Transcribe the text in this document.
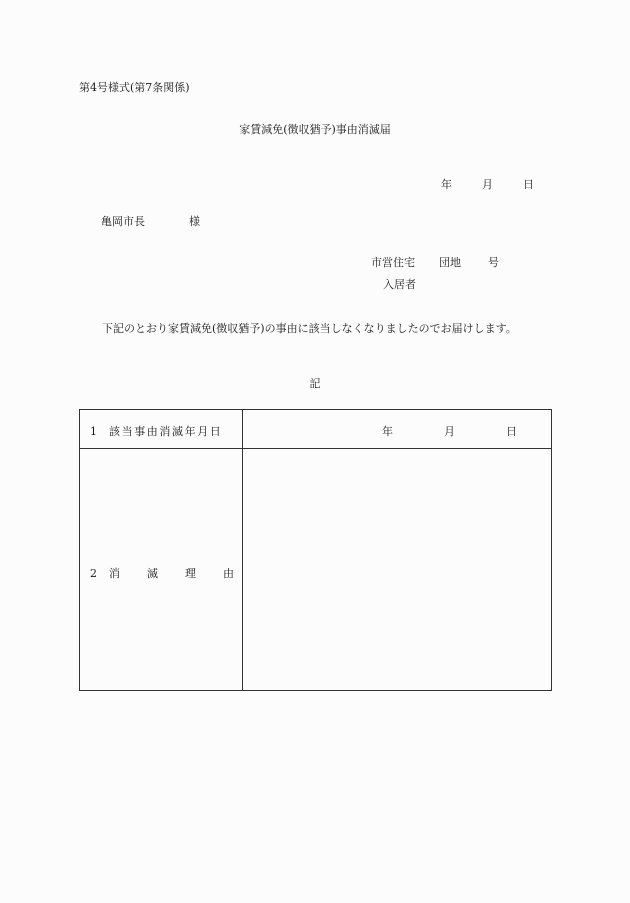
第4号様式(第7条関係)
家賃減免(徴収猶予)事由消滅届
年	月	日
亀岡市長	様
市営住宅 団地 号
入居者
下記のとおり家賃減免(徴収猶予)の事由に該当しなくなりましたのでお届けします。
記
1 該当事由消滅年月日	年	月	日
2 消滅理由
